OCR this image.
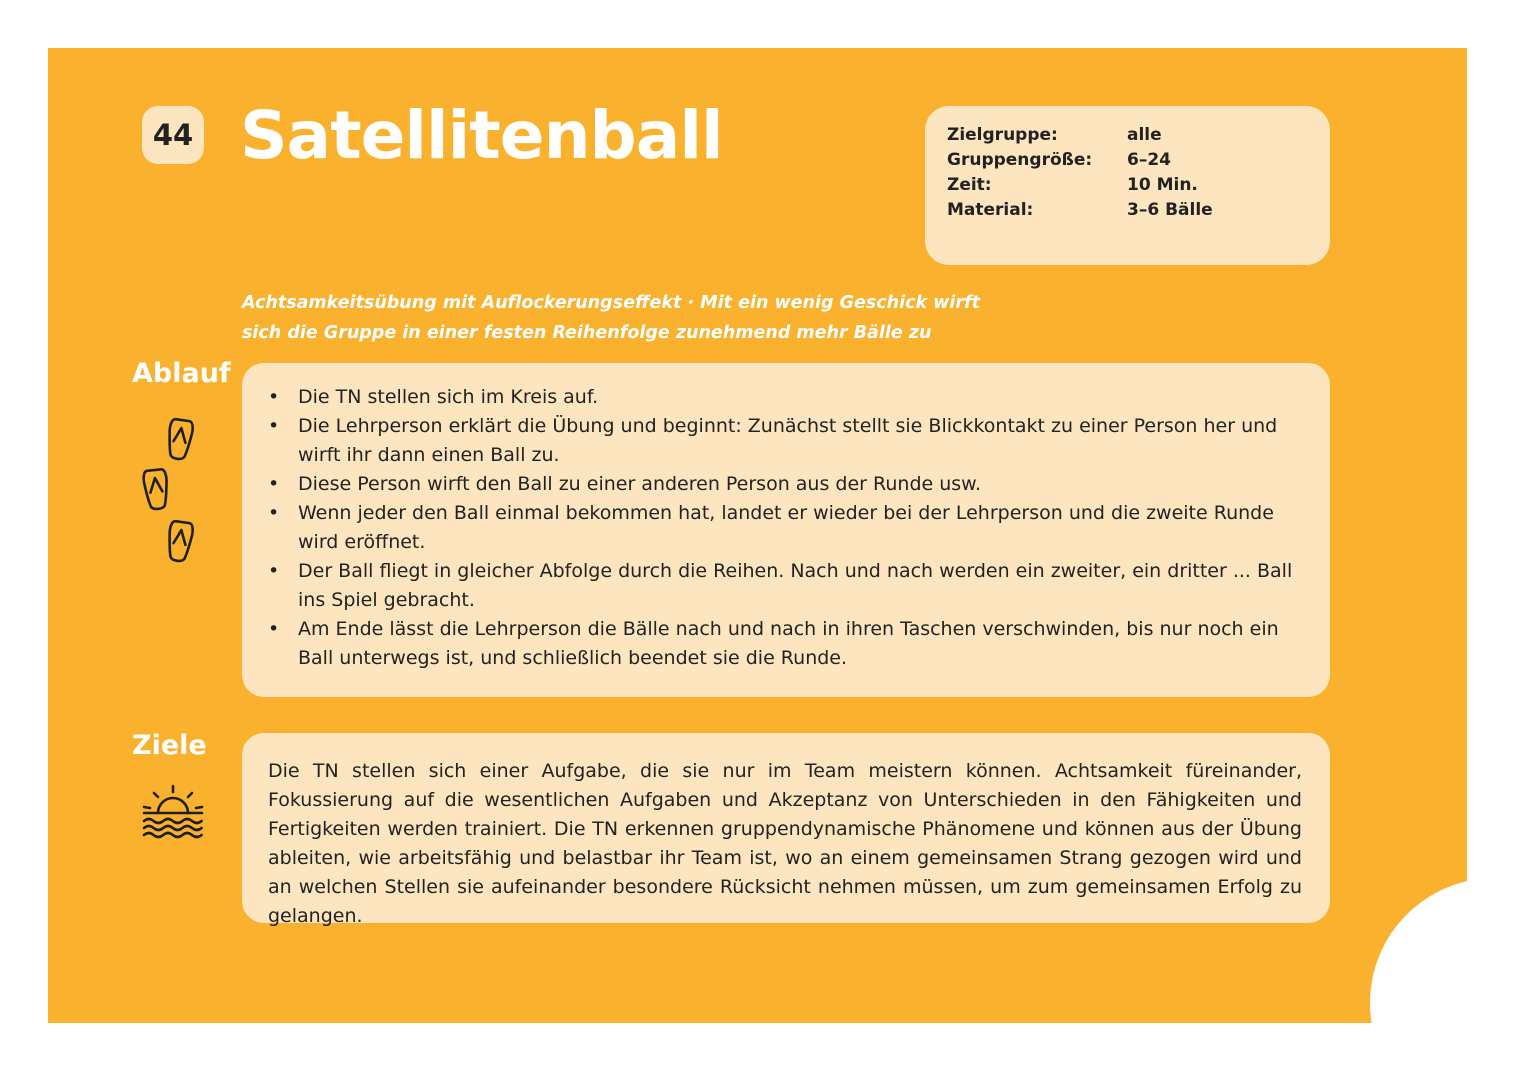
44 Satellitenball	Zielgruppe:	alle
Gruppengröße:	6–24
Zeit:	10 Min.
Material:	3–6 Bälle
Achtsamkeitsübung mit Auflockerungseffekt · Mit ein wenig Geschick wirft
sich die Gruppe in einer festen Reihenfolge zunehmend mehr Bälle zu
Ablauf
• Die TN stellen sich im Kreis auf.
• Die Lehrperson erklärt die Übung und beginnt: Zunächst stellt sie Blickkontakt zu einer Person her und wirft ihr dann einen Ball zu.
• Diese Person wirft den Ball zu einer anderen Person aus der Runde usw.
• Wenn jeder den Ball einmal bekommen hat, landet er wieder bei der Lehrperson und die zweite Runde wird eröffnet.
• Der Ball fliegt in gleicher Abfolge durch die Reihen. Nach und nach werden ein zweiter, ein dritter ... Ball ins Spiel gebracht.
• Am Ende lässt die Lehrperson die Bälle nach und nach in ihren Taschen verschwinden, bis nur noch ein Ball unterwegs ist, und schließlich beendet sie die Runde.
Ziele

Die TN stellen sich einer Aufgabe, die sie nur im Team meistern können. Achtsamkeit füreinander, Fokussierung auf die wesentlichen Aufgaben und Akzeptanz von Unterschieden in den Fähigkeiten und Fertigkeiten werden trainiert. Die TN erkennen gruppendynamische Phänomene und können aus der Übung ableiten, wie arbeitsfähig und belastbar ihr Team ist, wo an einem gemeinsamen Strang gezogen wird und an welchen Stellen sie aufeinander besondere Rücksicht nehmen müssen, um zum gemeinsamen Erfolg zu gelangen.

Teamergizer
